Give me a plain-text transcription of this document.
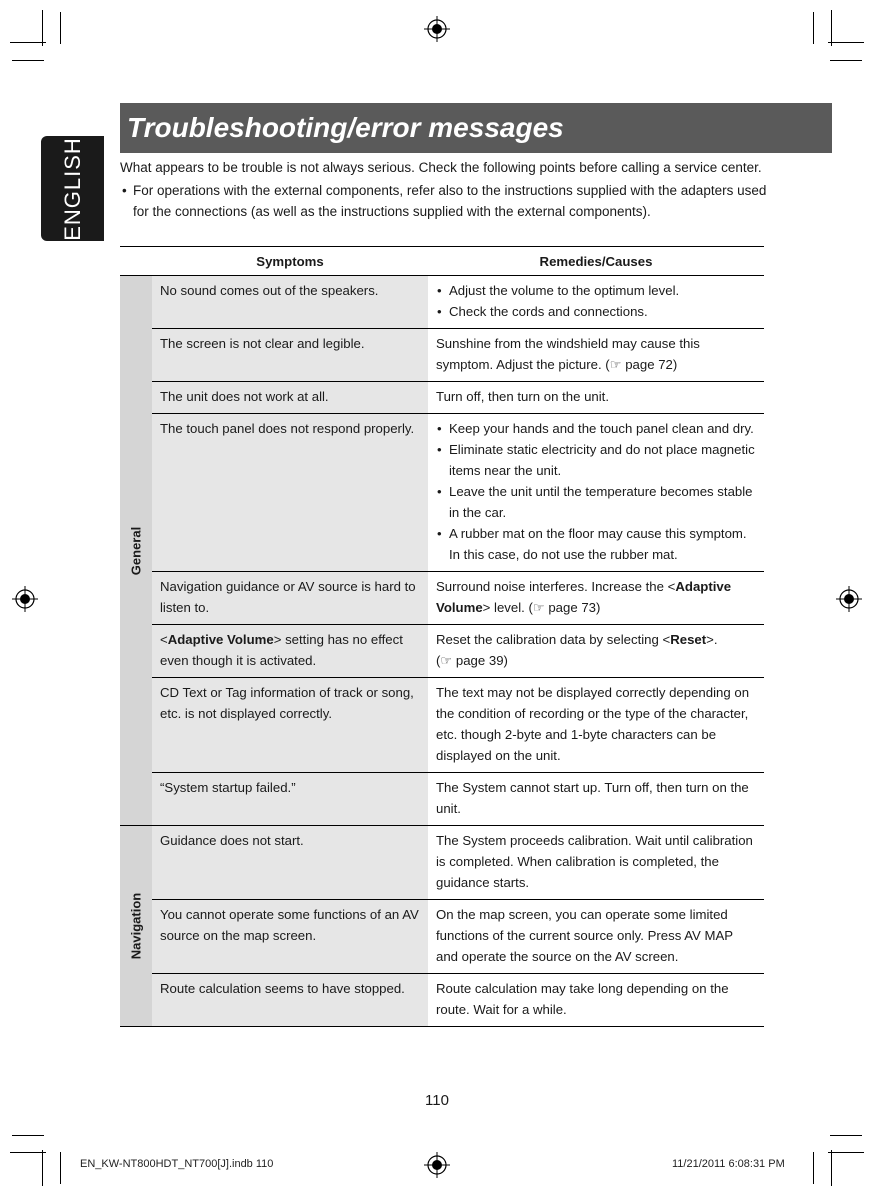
ENGLISH
Troubleshooting/error messages
What appears to be trouble is not always serious. Check the following points before calling a service center.
• For operations with the external components, refer also to the instructions supplied with the adapters used for the connections (as well as the instructions supplied with the external components).
	Symptoms	Remedies/Causes

General	No sound comes out of the speakers.	• Adjust the volume to the optimum level.
• Check the cords and connections.

	The screen is not clear and legible.	Sunshine from the windshield may cause this symptom. Adjust the picture. (☞ page 72)
	The unit does not work at all.	Turn off, then turn on the unit.
	The touch panel does not respond properly.	• Keep your hands and the touch panel clean and dry.
• Eliminate static electricity and do not place magnetic items near the unit.
• Leave the unit until the temperature becomes stable in the car.
• A rubber mat on the floor may cause this symptom. In this case, do not use the rubber mat.

	Navigation guidance or AV source is hard to listen to.	Surround noise interferes. Increase the <Adaptive Volume> level. (☞ page 73)
	<Adaptive Volume> setting has no effect even though it is activated.	Reset the calibration data by selecting <Reset>.
(☞ page 39)
	CD Text or Tag information of track or song, etc. is not displayed correctly.	The text may not be displayed correctly depending on the condition of recording or the type of the character, etc. though 2-byte and 1-byte characters can be displayed on the unit.
	“System startup failed.”	The System cannot start up. Turn off, then turn on the unit.

Navigation	Guidance does not start.	The System proceeds calibration. Wait until calibration is completed. When calibration is completed, the guidance starts.
	You cannot operate some functions of an AV source on the map screen.	On the map screen, you can operate some limited functions of the current source only. Press AV MAP and operate the source on the AV screen.
	Route calculation seems to have stopped.	Route calculation may take long depending on the route. Wait for a while.
110
EN_KW-NT800HDT_NT700[J].indb 110	11/21/2011 6:08:31 PM
